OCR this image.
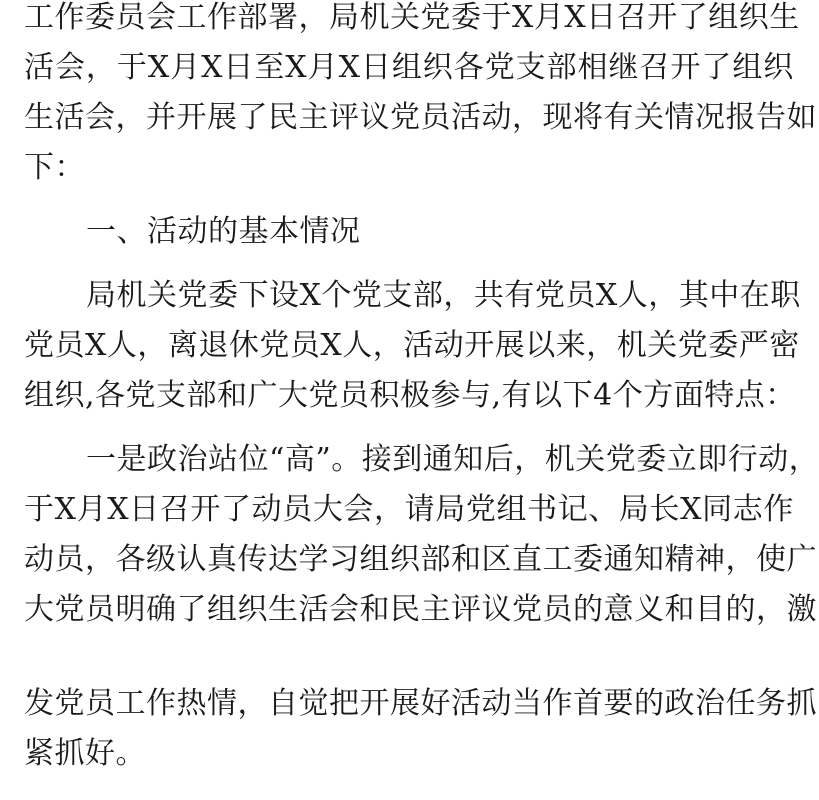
工 作 委 员 会 工 作 部 署 ， 局 机 关 党 委 于 X 月 X 日 召 开 了 组 织 生
活 会 ， 于 X 月 X 日 至 X 月 X 日 组 织 各 党 支 部 相 继 召 开 了 组 织
生 活 会 ， 并 开 展 了 民 主 评 议 党 员 活 动 ， 现 将 有 关 情 况 报 告 如
下：
一、活动的基本情况
局 机 关 党 委 下 设 X 个 党 支 部 ， 共 有 党 员 X 人 ， 其 中 在 职
党 员 X 人 ， 离 退 休 党 员 X 人 ， 活 动 开 展 以 来 ， 机 关 党 委 严 密
组 织 , 各 党 支 部 和 广 大 党 员 积 极 参 与 , 有 以 下 4 个 方 面 特 点 ：
一 是 政 治 站 位 “ 高 ” 。 接 到 通 知 后 ， 机 关 党 委 立 即 行 动 ，
于 X 月 X 日 召 开 了 动 员 大 会 ， 请 局 党 组 书 记 、 局 长 X 同 志 作
动 员 ， 各 级 认 真 传 达 学 习 组 织 部 和 区 直 工 委 通 知 精 神 ， 使 广
大 党 员 明 确 了 组 织 生 活 会 和 民 主 评 议 党 员 的 意 义 和 目 的 ， 激
发 党 员 工 作 热 情 ， 自 觉 把 开 展 好 活 动 当 作 首 要 的 政 治 任 务 抓
紧抓好。
